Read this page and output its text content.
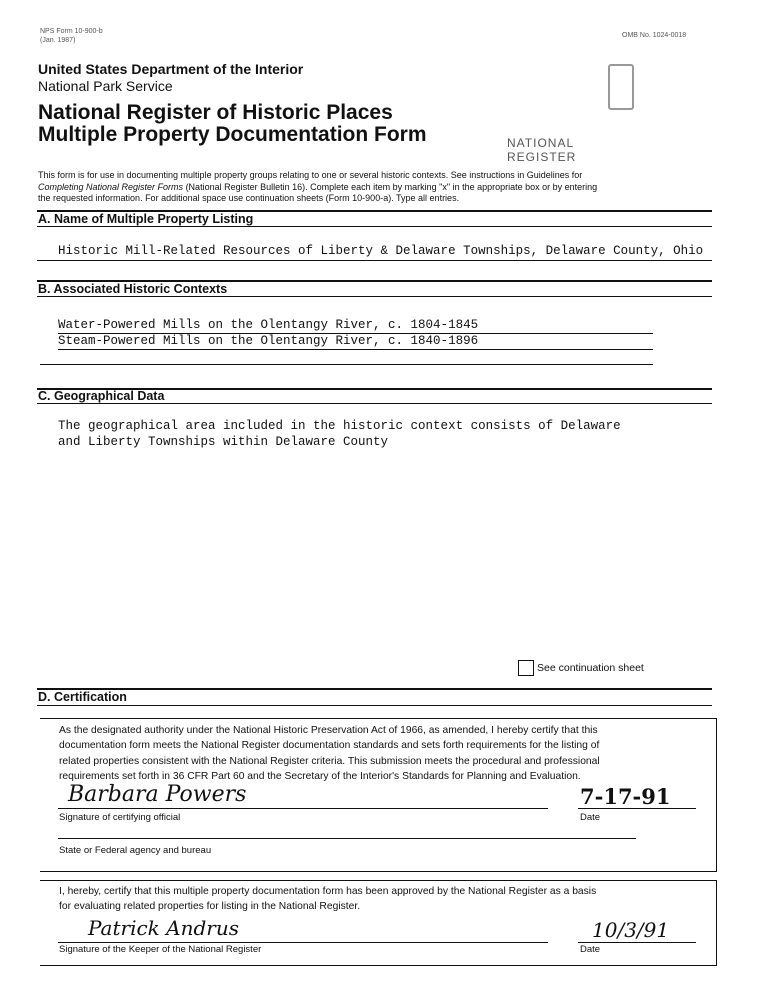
NPS Form 10-900-b
(Jan. 1987)
OMB No. 1024-0018
United States Department of the Interior
National Park Service
National Register of Historic Places
Multiple Property Documentation Form	NATIONAL
REGISTER
This form is for use in documenting multiple property groups relating to one or several historic contexts. See instructions in Guidelines for
Completing National Register Forms (National Register Bulletin 16). Complete each item by marking "x" in the appropriate box or by entering
the requested information. For additional space use continuation sheets (Form 10-900-a). Type all entries.
A. Name of Multiple Property Listing
Historic Mill-Related Resources of Liberty & Delaware Townships, Delaware County, Ohio
B. Associated Historic Contexts
Water-Powered Mills on the Olentangy River, c. 1804-1845
Steam-Powered Mills on the Olentangy River, c. 1840-1896
C. Geographical Data
The geographical area included in the historic context consists of Delaware
and Liberty Townships within Delaware County
See continuation sheet
D. Certification
As the designated authority under the National Historic Preservation Act of 1966, as amended, I hereby certify that this
documentation form meets the National Register documentation standards and sets forth requirements for the listing of
related properties consistent with the National Register criteria. This submission meets the procedural and professional
requirements set forth in 36 CFR Part 60 and the Secretary of the Interior's Standards for Planning and Evaluation.
Barbara Powers
Signature of certifying official
7-17-91
Date
State or Federal agency and bureau
I, hereby, certify that this multiple property documentation form has been approved by the National Register as a basis
for evaluating related properties for listing in the National Register.
Patrick Andrus
Signature of the Keeper of the National Register
10/3/91
Date
